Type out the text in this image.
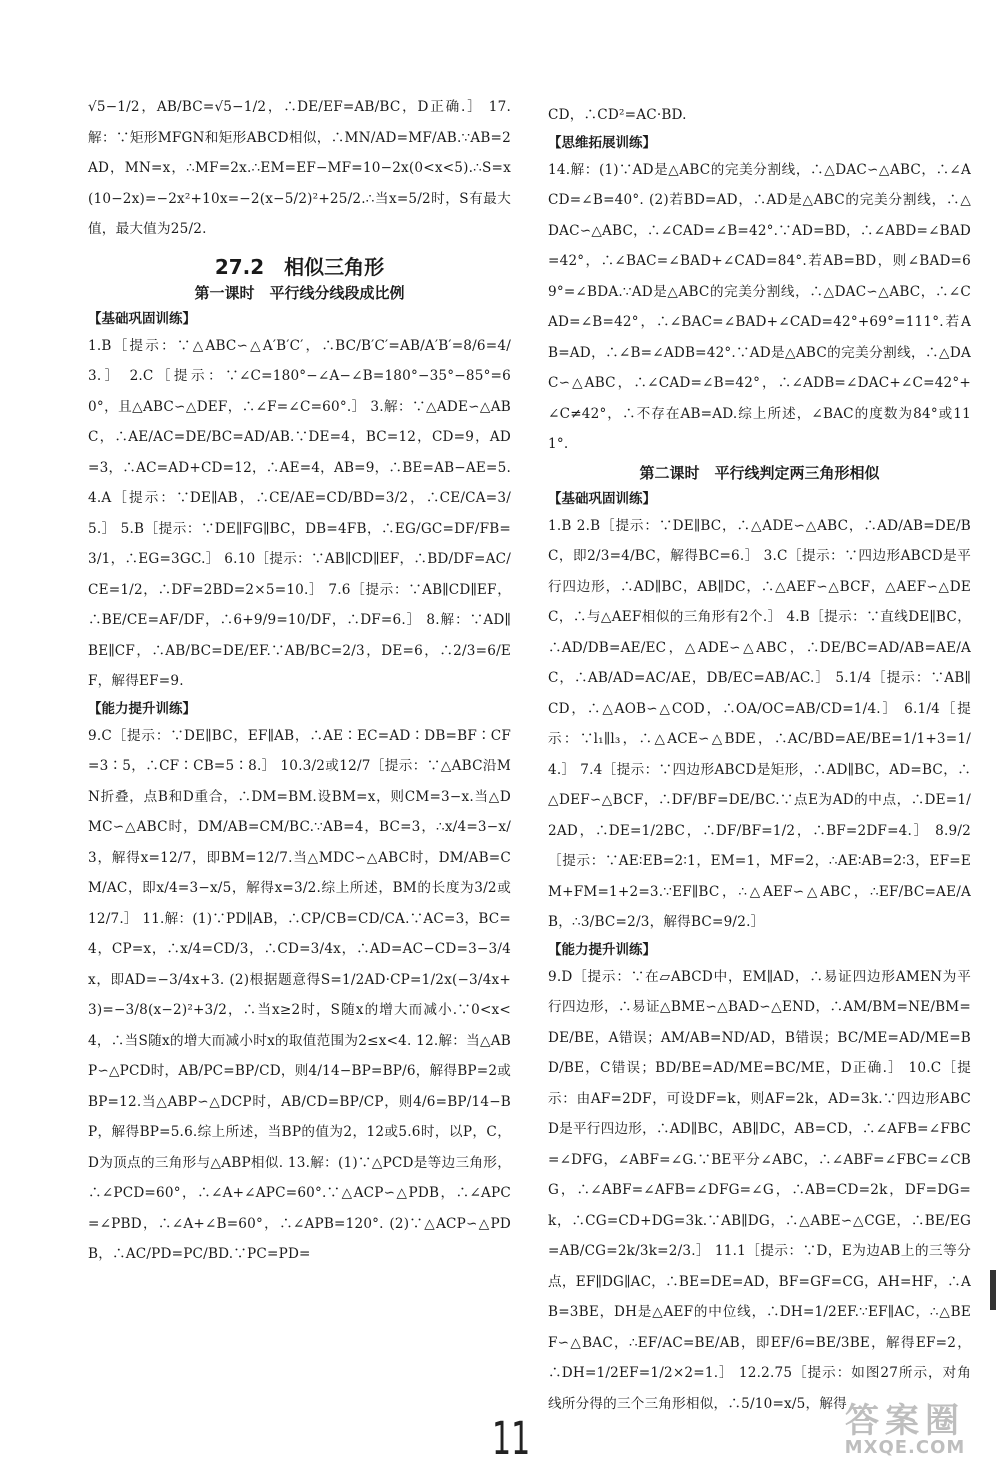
√5−1/2，AB/BC=√5−1/2，∴DE/EF=AB/BC，D正确.］ 17.解：∵矩形MFGN和矩形ABCD相似，∴MN/AD=MF/AB.∵AB=2AD，MN=x，∴MF=2x.∴EM=EF−MF=10−2x(0<x<5).∴S=x(10−2x)=−2x²+10x=−2(x−5/2)²+25/2.∴当x=5/2时，S有最大值，最大值为25/2.

27.2　相似三角形
第一课时　平行线分线段成比例
【基础巩固训练】

1.B［提示：∵△ABC∽△A′B′C′，∴BC/B′C′=AB/A′B′=8/6=4/3.］ 2.C［提示：∵∠C=180°−∠A−∠B=180°−35°−85°=60°，且△ABC∽△DEF，∴∠F=∠C=60°.］ 3.解：∵△ADE∽△ABC，∴AE/AC=DE/BC=AD/AB.∵DE=4，BC=12，CD=9，AD=3，∴AC=AD+CD=12，∴AE=4，AB=9，∴BE=AB−AE=5. 4.A［提示：∵DE∥AB，∴CE/AE=CD/BD=3/2，∴CE/CA=3/5.］ 5.B［提示：∵DE∥FG∥BC，DB=4FB，∴EG/GC=DF/FB=3/1，∴EG=3GC.］ 6.10［提示：∵AB∥CD∥EF，∴BD/DF=AC/CE=1/2，∴DF=2BD=2×5=10.］ 7.6［提示：∵AB∥CD∥EF，∴BE/CE=AF/DF，∴6+9/9=10/DF，∴DF=6.］ 8.解：∵AD∥BE∥CF，∴AB/BC=DE/EF.∵AB/BC=2/3，DE=6，∴2/3=6/EF，解得EF=9.

【能力提升训练】

9.C［提示：∵DE∥BC，EF∥AB，∴AE∶EC=AD∶DB=BF∶CF=3∶5，∴CF∶CB=5∶8.］ 10.3/2或12/7［提示：∵△ABC沿MN折叠，点B和D重合，∴DM=BM.设BM=x，则CM=3−x.当△DMC∽△ABC时，DM/AB=CM/BC.∵AB=4，BC=3，∴x/4=3−x/3，解得x=12/7，即BM=12/7.当△MDC∽△ABC时，DM/AB=CM/AC，即x/4=3−x/5，解得x=3/2.综上所述，BM的长度为3/2或12/7.］ 11.解：(1)∵PD∥AB，∴CP/CB=CD/CA.∵AC=3，BC=4，CP=x，∴x/4=CD/3，∴CD=3/4x，∴AD=AC−CD=3−3/4x，即AD=−3/4x+3. (2)根据题意得S=1/2AD·CP=1/2x(−3/4x+3)=−3/8(x−2)²+3/2，∴当x≥2时，S随x的增大而减小.∵0<x<4，∴当S随x的增大而减小时x的取值范围为2≤x<4. 12.解：当△ABP∽△PCD时，AB/PC=BP/CD，则4/14−BP=BP/6，解得BP=2或BP=12.当△ABP∽△DCP时，AB/CD=BP/CP，则4/6=BP/14−BP，解得BP=5.6.综上所述，当BP的值为2，12或5.6时，以P，C，D为顶点的三角形与△ABP相似. 13.解：(1)∵△PCD是等边三角形，∴∠PCD=60°，∴∠A+∠APC=60°.∵△ACP∽△PDB，∴∠APC=∠PBD，∴∠A+∠B=60°，∴∠APB=120°. (2)∵△ACP∽△PDB，∴AC/PD=PC/BD.∵PC=PD=

CD，∴CD²=AC·BD.

【思维拓展训练】

14.解：(1)∵AD是△ABC的完美分割线，∴△DAC∽△ABC，∴∠ACD=∠B=40°. (2)若BD=AD，∴AD是△ABC的完美分割线，∴△DAC∽△ABC，∴∠CAD=∠B=42°.∵AD=BD，∴∠ABD=∠BAD=42°，∴∠BAC=∠BAD+∠CAD=84°.若AB=BD，则∠BAD=69°=∠BDA.∵AD是△ABC的完美分割线，∴△DAC∽△ABC，∴∠CAD=∠B=42°，∴∠BAC=∠BAD+∠CAD=42°+69°=111°.若AB=AD，∴∠B=∠ADB=42°.∵AD是△ABC的完美分割线，∴△DAC∽△ABC，∴∠CAD=∠B=42°，∴∠ADB=∠DAC+∠C=42°+∠C≠42°，∴不存在AB=AD.综上所述，∠BAC的度数为84°或111°.

第二课时　平行线判定两三角形相似
【基础巩固训练】

1.B 2.B［提示：∵DE∥BC，∴△ADE∽△ABC，∴AD/AB=DE/BC，即2/3=4/BC，解得BC=6.］ 3.C［提示：∵四边形ABCD是平行四边形，∴AD∥BC，AB∥DC，∴△AEF∽△BCF，△AEF∽△DEC，∴与△AEF相似的三角形有2个.］ 4.B［提示：∵直线DE∥BC，∴AD/DB=AE/EC，△ADE∽△ABC，∴DE/BC=AD/AB=AE/AC，∴AB/AD=AC/AE，DB/EC=AB/AC.］ 5.1/4［提示：∵AB∥CD，∴△AOB∽△COD，∴OA/OC=AB/CD=1/4.］ 6.1/4［提示：∵l₁∥l₃，∴△ACE∽△BDE，∴AC/BD=AE/BE=1/1+3=1/4.］ 7.4［提示：∵四边形ABCD是矩形，∴AD∥BC，AD=BC，∴△DEF∽△BCF，∴DF/BF=DE/BC.∵点E为AD的中点，∴DE=1/2AD，∴DE=1/2BC，∴DF/BF=1/2，∴BF=2DF=4.］ 8.9/2［提示：∵AE∶EB=2∶1，EM=1，MF=2，∴AE∶AB=2∶3，EF=EM+FM=1+2=3.∵EF∥BC，∴△AEF∽△ABC，∴EF/BC=AE/AB，∴3/BC=2/3，解得BC=9/2.］

【能力提升训练】

9.D［提示：∵在▱ABCD中，EM∥AD，∴易证四边形AMEN为平行四边形，∴易证△BME∽△BAD∽△END，∴AM/BM=NE/BM=DE/BE，A错误；AM/AB=ND/AD，B错误；BC/ME=AD/ME=BD/BE，C错误；BD/BE=AD/ME=BC/ME，D正确.］ 10.C［提示：由AF=2DF，可设DF=k，则AF=2k，AD=3k.∵四边形ABCD是平行四边形，∴AD∥BC，AB∥DC，AB=CD，∴∠AFB=∠FBC=∠DFG，∠ABF=∠G.∵BE平分∠ABC，∴∠ABF=∠FBC=∠CBG，∴∠ABF=∠AFB=∠DFG=∠G，∴AB=CD=2k，DF=DG=k，∴CG=CD+DG=3k.∵AB∥DG，∴△ABE∽△CGE，∴BE/EG=AB/CG=2k/3k=2/3.］ 11.1［提示：∵D，E为边AB上的三等分点，EF∥DG∥AC，∴BE=DE=AD，BF=GF=CG，AH=HF，∴AB=3BE，DH是△AEF的中位线，∴DH=1/2EF.∵EF∥AC，∴△BEF∽△BAC，∴EF/AC=BE/AB，即EF/6=BE/3BE，解得EF=2，∴DH=1/2EF=1/2×2=1.］ 12.2.75［提示：如图27所示，对角线所分得的三个三角形相似，∴5/10=x/5，解得

11	答案圈
MXQE.COM
